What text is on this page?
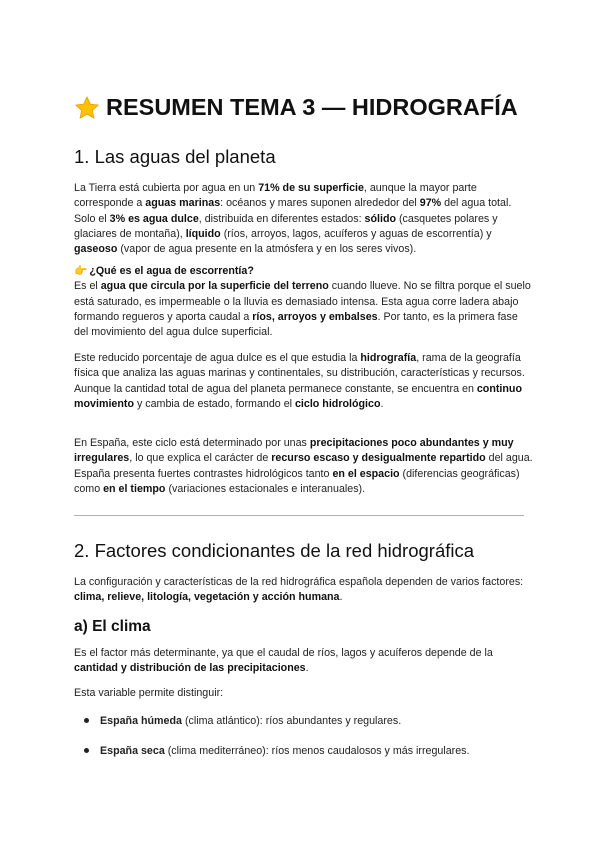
RESUMEN TEMA 3 — HIDROGRAFÍA
1. Las aguas del planeta

La Tierra está cubierta por agua en un 71% de su superficie, aunque la mayor parte corresponde a aguas marinas: océanos y mares suponen alrededor del 97% del agua total. Solo el 3% es agua dulce, distribuida en diferentes estados: sólido (casquetes polares y glaciares de montaña), líquido (ríos, arroyos, lagos, acuíferos y aguas de escorrentía) y gaseoso (vapor de agua presente en la atmósfera y en los seres vivos).

👉 ¿Qué es el agua de escorrentía?
Es el agua que circula por la superficie del terreno cuando llueve. No se filtra porque el suelo está saturado, es impermeable o la lluvia es demasiado intensa. Esta agua corre ladera abajo formando regueros y aporta caudal a ríos, arroyos y embalses. Por tanto, es la primera fase del movimiento del agua dulce superficial.

Este reducido porcentaje de agua dulce es el que estudia la hidrografía, rama de la geografía física que analiza las aguas marinas y continentales, su distribución, características y recursos. Aunque la cantidad total de agua del planeta permanece constante, se encuentra en continuo movimiento y cambia de estado, formando el ciclo hidrológico.

En España, este ciclo está determinado por unas precipitaciones poco abundantes y muy irregulares, lo que explica el carácter de recurso escaso y desigualmente repartido del agua. España presenta fuertes contrastes hidrológicos tanto en el espacio (diferencias geográficas) como en el tiempo (variaciones estacionales e interanuales).

2. Factores condicionantes de la red hidrográfica

La configuración y características de la red hidrográfica española dependen de varios factores: clima, relieve, litología, vegetación y acción humana.

a) El clima

Es el factor más determinante, ya que el caudal de ríos, lagos y acuíferos depende de la cantidad y distribución de las precipitaciones.

Esta variable permite distinguir:

España húmeda (clima atlántico): ríos abundantes y regulares.
España seca (clima mediterráneo): ríos menos caudalosos y más irregulares.
